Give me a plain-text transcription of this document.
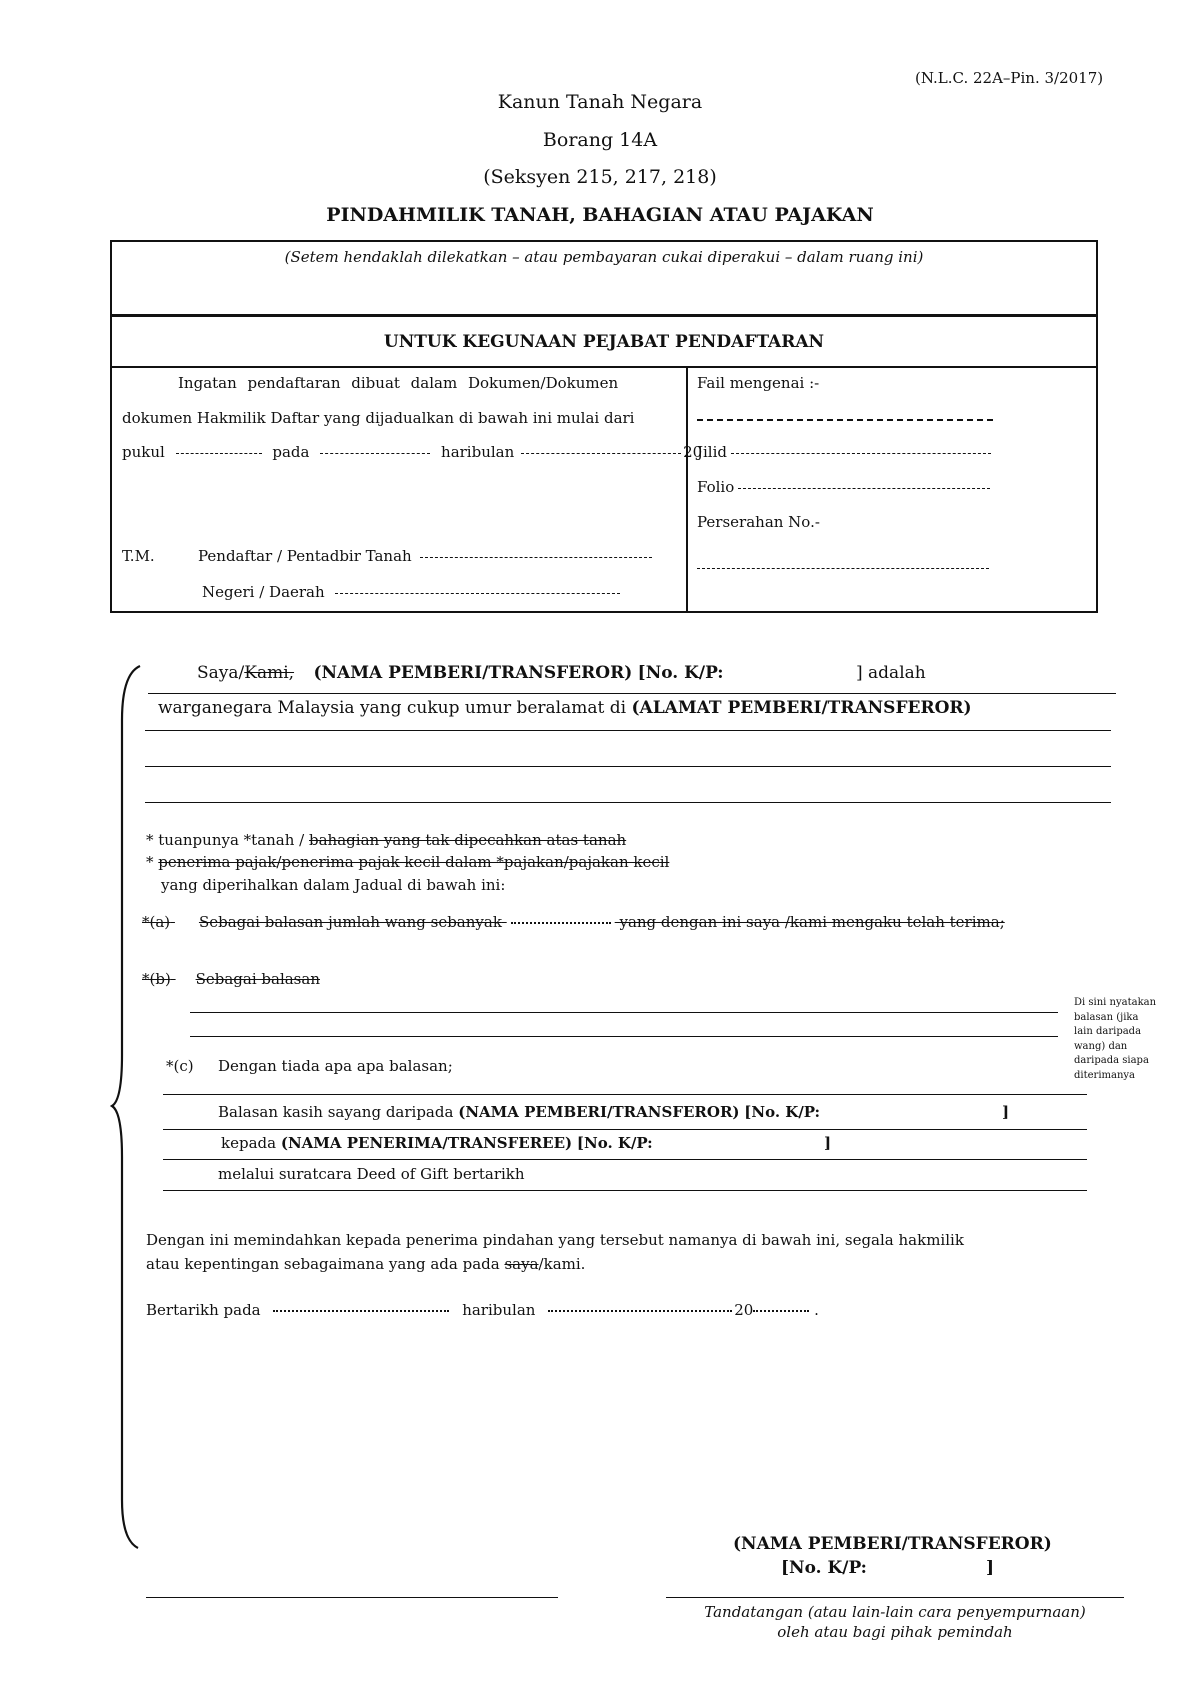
(N.L.C. 22A–Pin. 3/2017)
Kanun Tanah Negara
Borang 14A
(Seksyen 215, 217, 218)
PINDAHMILIK TANAH, BAHAGIAN ATAU PAJAKAN
(Setem hendaklah dilekatkan – atau pembayaran cukai diperakui – dalam ruang ini)
UNTUK KEGUNAAN PEJABAT PENDAFTARAN
Ingatan pendaftaran dibuat dalam Dokumen/Dokumen
dokumen Hakmilik Daftar yang dijadualkan di bawah ini mulai dari
pukul	pada	haribulan	20
T.M.	Pendaftar / Pentadbir Tanah
Negeri / Daerah
Fail mengenai :-
Jilid
Folio
Perserahan No.-
Saya/Kami, (NAMA PEMBERI/TRANSFEROR) [No. K/P:	] adalah
warganegara Malaysia yang cukup umur beralamat di (ALAMAT PEMBERI/TRANSFEROR)
* tuanpunya *tanah / bahagian yang tak dipecahkan atas tanah
* penerima pajak/penerima pajak kecil dalam *pajakan/pajakan kecil
yang diperihalkan dalam Jadual di bawah ini:
*(a) Sebagai balasan jumlah wang sebanyak	yang dengan ini saya /kami mengaku telah terima;
*(b) Sebagai balasan
Di sini nyatakan
balasan (jika
lain daripada
wang) dan
daripada siapa
diterimanya
*(c) Dengan tiada apa apa balasan;
Balasan kasih sayang daripada (NAMA PEMBERI/TRANSFEROR) [No. K/P:	]
kepada (NAMA PENERIMA/TRANSFEREE) [No. K/P:	]
melalui suratcara Deed of Gift bertarikh
Dengan ini memindahkan kepada penerima pindahan yang tersebut namanya di bawah ini, segala hakmilik
atau kepentingan sebagaimana yang ada pada saya/kami.
Bertarikh pada	haribulan	20	.
(NAMA PEMBERI/TRANSFEROR)
[No. K/P:	]
Tandatangan (atau lain-lain cara penyempurnaan)
oleh atau bagi pihak pemindah
